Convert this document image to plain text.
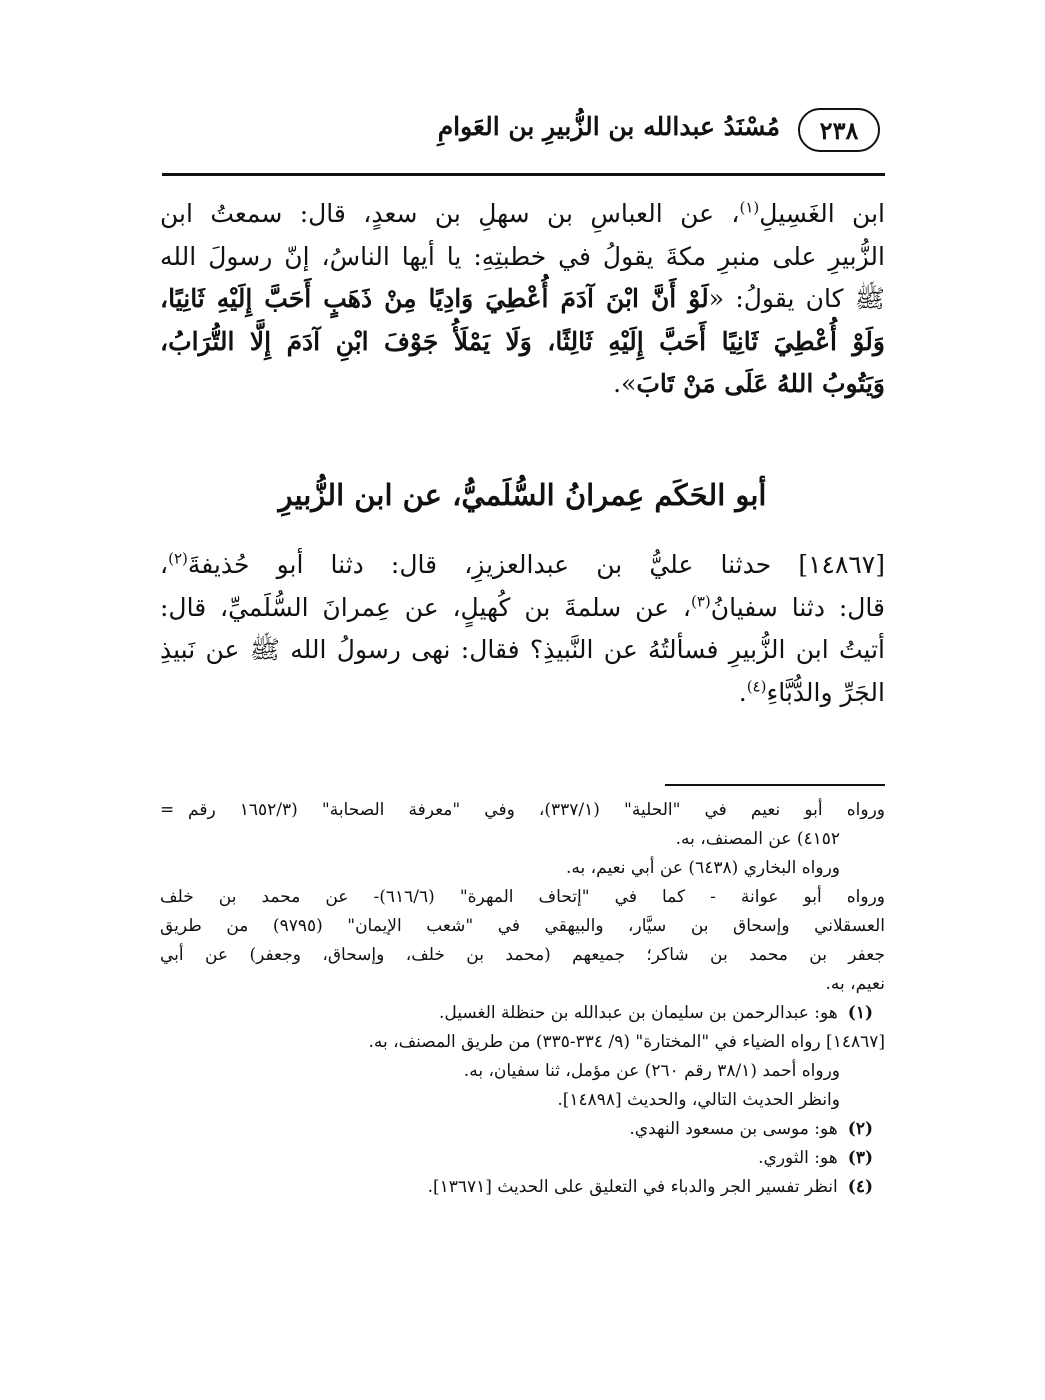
٢٣٨
مُسْنَدُ عبدالله بن الزُّبيرِ بن العَوامِ
ابن الغَسِيلِ$^{(١)}$، عن العباسِ بن سهلِ بن سعدٍ، قال: سمعتُ ابن
الزُّبيرِ على منبرِ مكةَ يقولُ في خطبتِهِ: يا أيها الناسُ، إنّ رسولَ الله
ﷺ كان يقولُ: «لَوْ أَنَّ ابْنَ آدَمَ أُعْطِيَ وَادِيًا مِنْ ذَهَبٍ أَحَبَّ إِلَيْهِ ثَانِيًا،
وَلَوْ أُعْطِيَ ثَانِيًا أَحَبَّ إِلَيْهِ ثَالِثًا، وَلَا يَمْلَأُ جَوْفَ ابْنِ آدَمَ إِلَّا التُّرَابُ،
وَيَتُوبُ اللهُ عَلَى مَنْ تَابَ».
أبو الحَكَم عِمرانُ السُّلَميُّ، عن ابن الزُّبيرِ
[١٤٨٦٧] حدثنا عليُّ بن عبدالعزيزِ، قال: دثنا أبو حُذيفةَ$^{(٢)}$،
قال: دثنا سفيانُ$^{(٣)}$، عن سلمةَ بن كُهيلٍ، عن عِمرانَ السُّلَميِّ، قال:
أتيتُ ابن الزُّبيرِ فسألتُهُ عن النَّبيذِ؟ فقال: نهى رسولُ الله ﷺ عن نَبيذِ
الجَرِّ والدُّبَّاءِ$^{(٤)}$.
ورواه أبو نعيم في "الحلية" (٣٣٧/١)، وفي "معرفة الصحابة" (١٦٥٢/٣ رقم
=
٤١٥٢) عن المصنف، به.
ورواه البخاري (٦٤٣٨) عن أبي نعيم، به.
ورواه أبو عوانة - كما في "إتحاف المهرة" (٦١٦/٦)- عن محمد بن خلف
العسقلاني وإسحاق بن سيَّار، والبيهقي في "شعب الإيمان" (٩٧٩٥) من طريق
جعفر بن محمد بن شاكر؛ جميعهم (محمد بن خلف، وإسحاق، وجعفر) عن أبي
نعيم، به.
(١)هو: عبدالرحمن بن سليمان بن عبدالله بن حنظلة الغسيل.
[١٤٨٦٧] رواه الضياء في "المختارة" (٩/ ٣٣٤-٣٣٥) من طريق المصنف، به.
ورواه أحمد (٣٨/١ رقم ٢٦٠) عن مؤمل، ثنا سفيان، به.
وانظر الحديث التالي، والحديث [١٤٨٩٨].
(٢)هو: موسى بن مسعود النهدي.
(٣)هو: الثوري.
(٤)انظر تفسير الجر والدباء في التعليق على الحديث [١٣٦٧١].
